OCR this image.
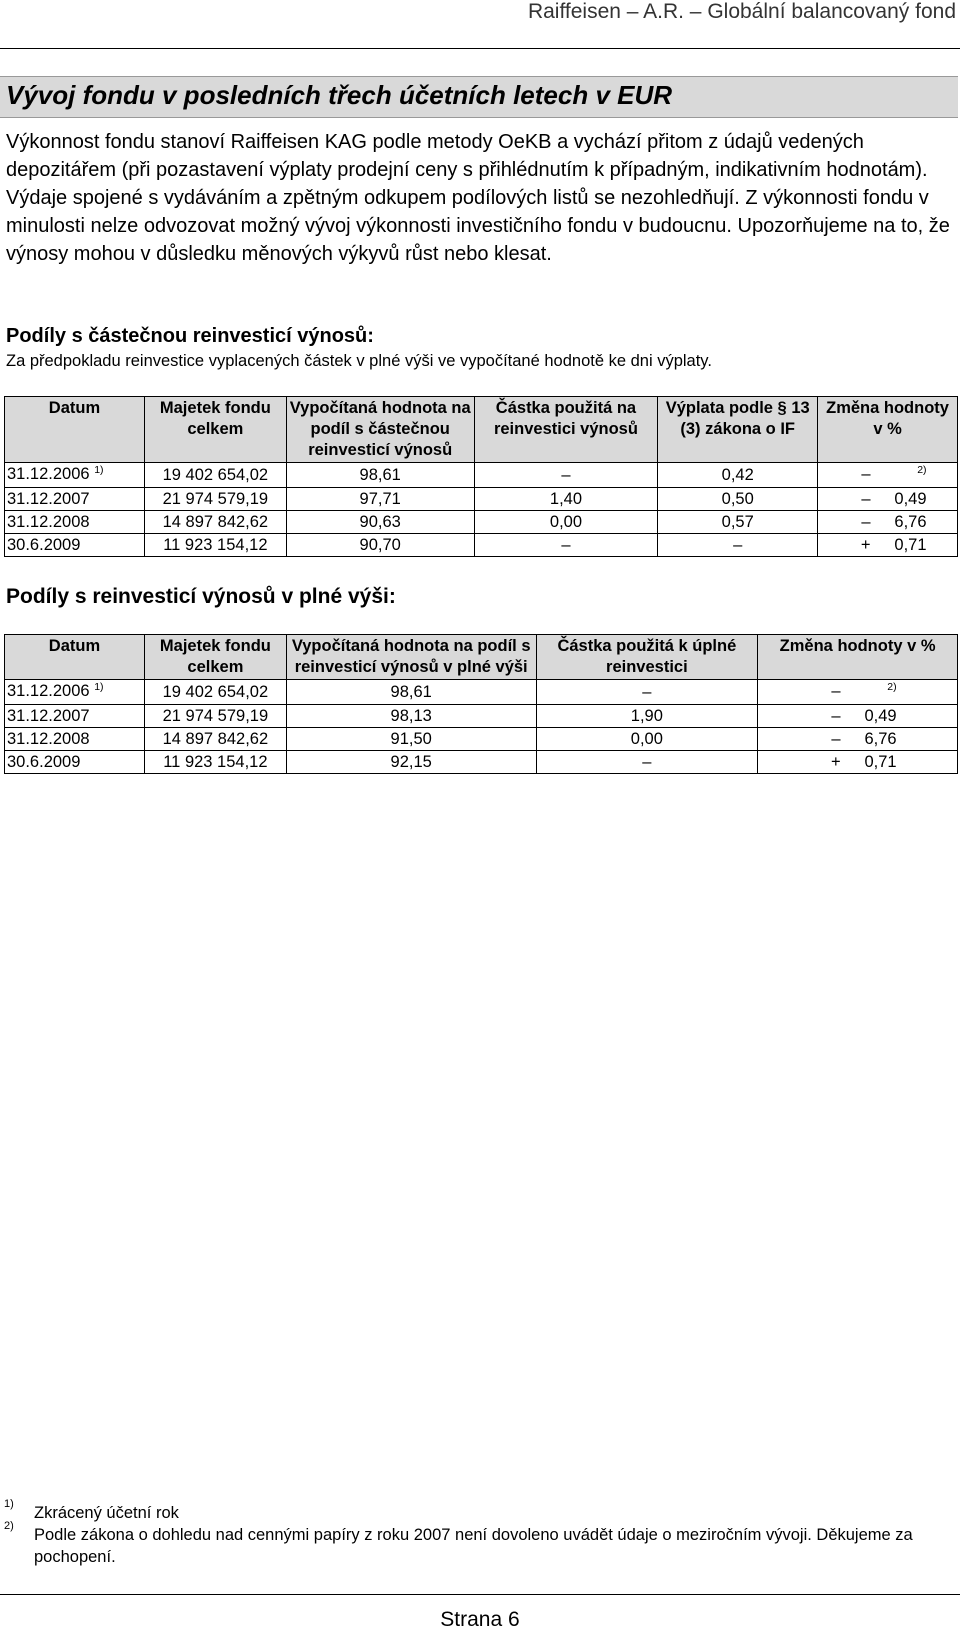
Raiffeisen – A.R. – Globální balancovaný fond
Vývoj fondu v posledních třech účetních letech v EUR

Výkonnost fondu stanoví Raiffeisen KAG podle metody OeKB a vychází přitom z údajů vedených depozitářem (při pozastavení výplaty prodejní ceny s přihlédnutím k případným, indikativním hodnotám). Výdaje spojené s vydáváním a zpětným odkupem podílových listů se nezohledňují. Z výkonnosti fondu v minulosti nelze odvozovat možný vývoj výkonnosti investičního fondu v budoucnu. Upozorňujeme na to, že výnosy mohou v důsledku měnových výkyvů růst nebo klesat.

Podíly s částečnou reinvesticí výnosů:
Za předpokladu reinvestice vyplacených částek v plné výši ve vypočítané hodnotě ke dni výplaty.
Datum	Majetek fondu celkem	Vypočítaná hodnota na podíl s částečnou reinvesticí výnosů	Částka použitá na reinvestici výnosů	Výplata podle § 13 (3) zákona o IF	Změna hodnoty v %
31.12.2006 $^{1)}$	19 402 654,02	98,61	–	0,42	– $^{2)}$
31.12.2007	21 974 579,19	97,71	1,40	0,50	– 0,49
31.12.2008	14 897 842,62	90,63	0,00	0,57	– 6,76
30.6.2009	11 923 154,12	90,70	–	–	+ 0,71
Podíly s reinvesticí výnosů v plné výši:
Datum	Majetek fondu celkem	Vypočítaná hodnota na podíl s reinvesticí výnosů v plné výši	Částka použitá k úplné reinvestici	Změna hodnoty v %
31.12.2006 $^{1)}$	19 402 654,02	98,61	–	– $^{2)}$
31.12.2007	21 974 579,19	98,13	1,90	– 0,49
31.12.2008	14 897 842,62	91,50	0,00	– 6,76
30.6.2009	11 923 154,12	92,15	–	+ 0,71
1)	Zkrácený účetní rok
2)	Podle zákona o dohledu nad cennými papíry z roku 2007 není dovoleno uvádět údaje o meziročním vývoji. Děkujeme za pochopení.
Strana 6
